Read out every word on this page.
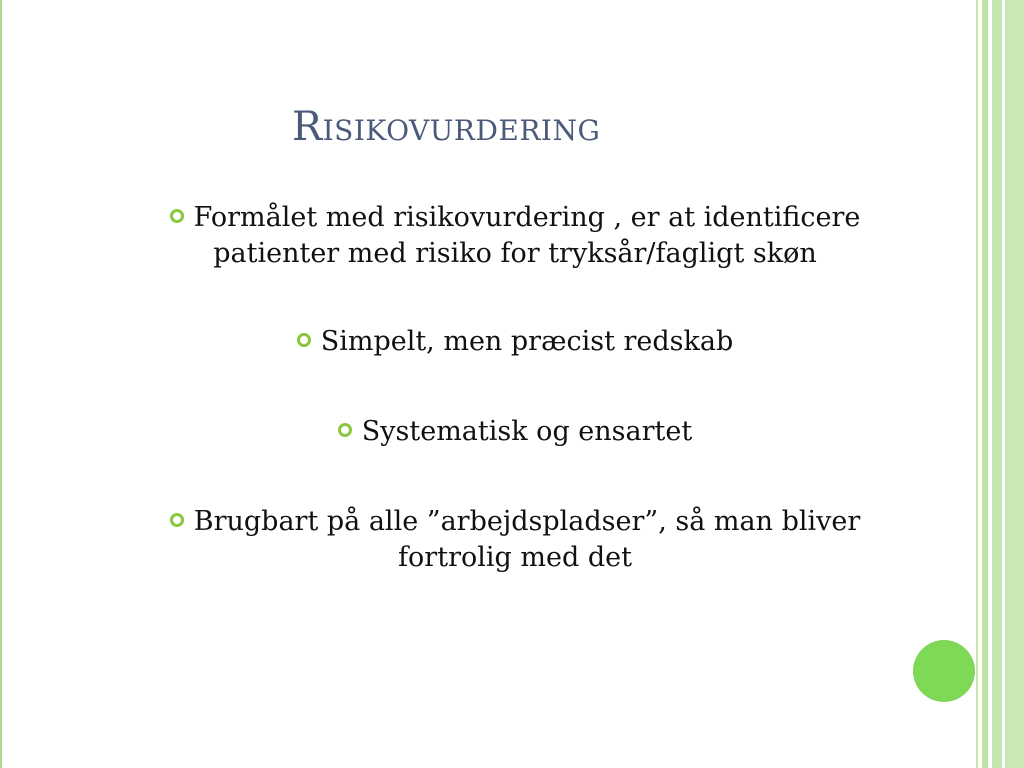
Risikovurdering
Formålet med risikovurdering , er at identificere patienter med risiko for tryksår/fagligt skøn
Simpelt, men præcist redskab
Systematisk og ensartet
Brugbart på alle ”arbejdspladser”, så man bliver fortrolig med det
